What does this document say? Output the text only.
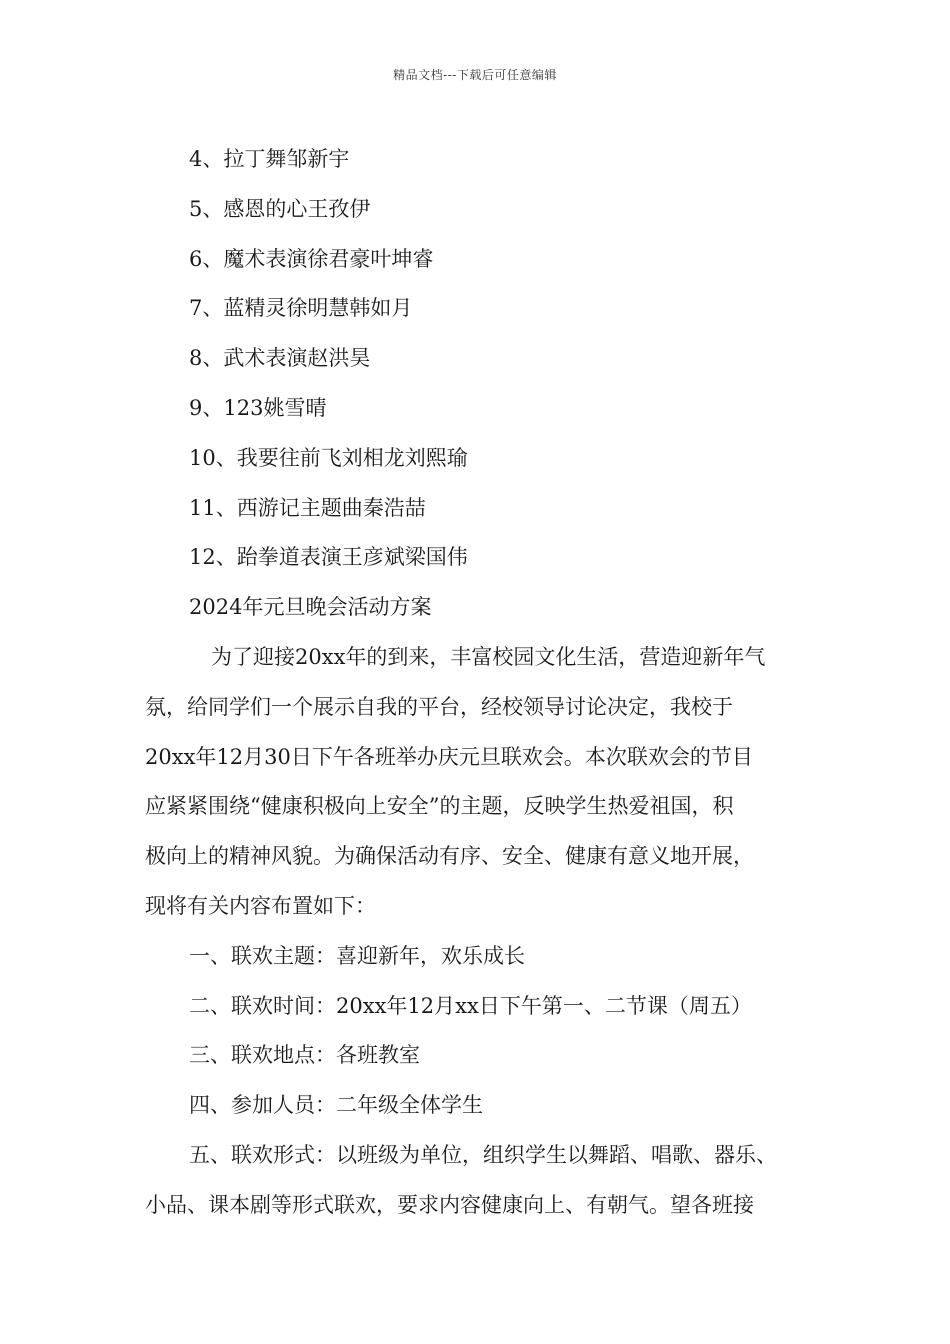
精品文档---下载后可任意编辑
4、拉丁舞邹新宇
5、感恩的心王孜伊
6、魔术表演徐君豪叶坤睿
7、蓝精灵徐明慧韩如月
8、武术表演赵洪昊
9、123姚雪晴
10、我要往前飞刘相龙刘熙瑜
11、西游记主题曲秦浩喆
12、跆拳道表演王彦斌梁国伟
2024年元旦晚会活动方案
为了迎接20xx年的到来，丰富校园文化生活，营造迎新年气
氛，给同学们一个展示自我的平台，经校领导讨论决定，我校于
20xx年12月30日下午各班举办庆元旦联欢会。本次联欢会的节目
应紧紧围绕“健康积极向上安全”的主题，反映学生热爱祖国，积
极向上的精神风貌。为确保活动有序、安全、健康有意义地开展，
现将有关内容布置如下：
一、联欢主题：喜迎新年，欢乐成长
二、联欢时间：20xx年12月xx日下午第一、二节课（周五）
三、联欢地点：各班教室
四、参加人员：二年级全体学生
五、联欢形式：以班级为单位，组织学生以舞蹈、唱歌、器乐、
小品、课本剧等形式联欢，要求内容健康向上、有朝气。望各班接
